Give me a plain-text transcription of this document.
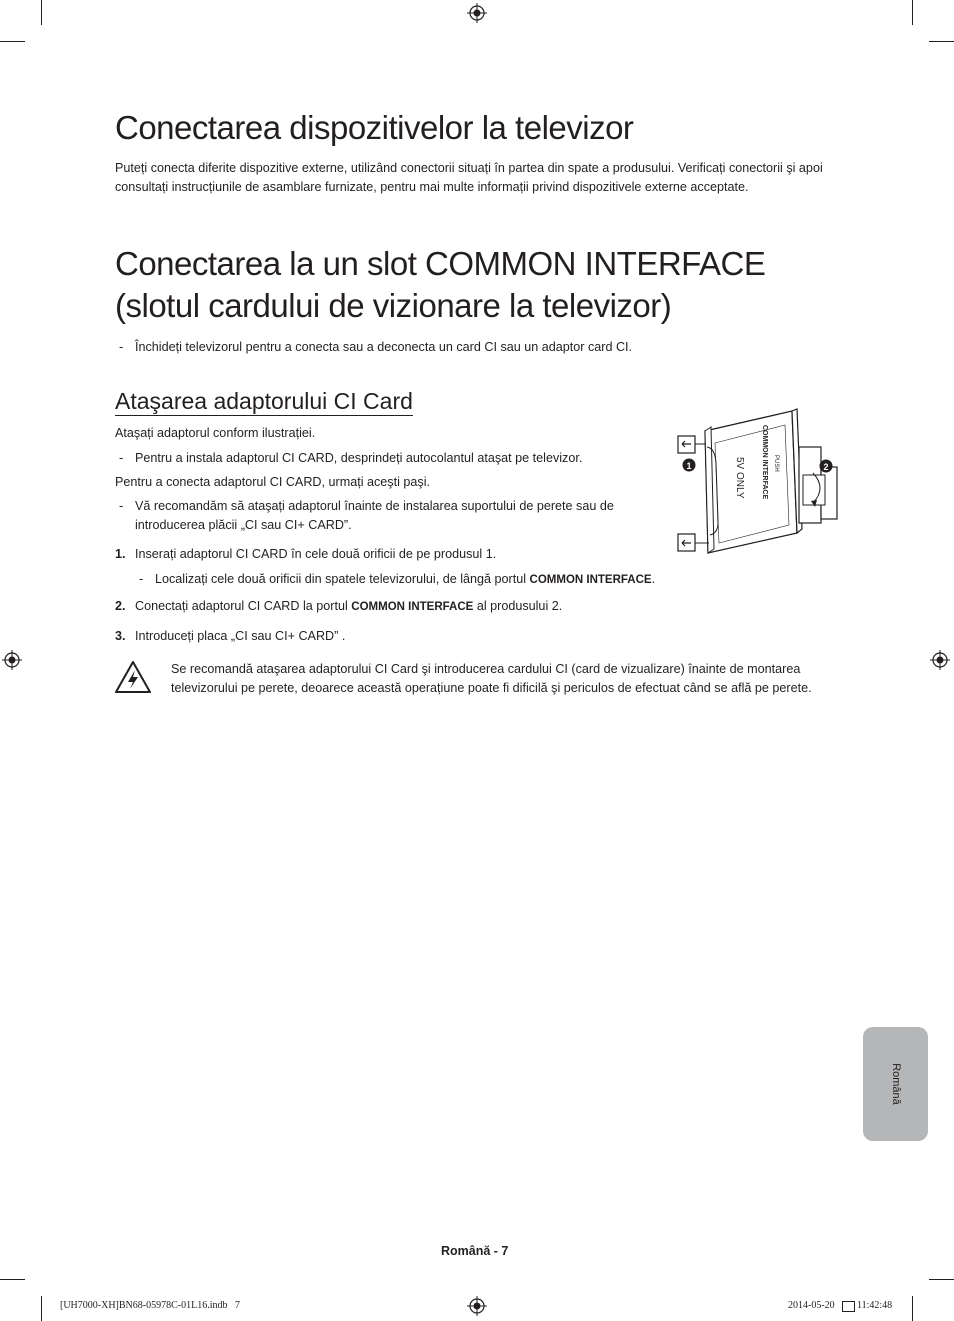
Conectarea dispozitivelor la televizor

Puteți conecta diferite dispozitive externe, utilizând conectorii situați în partea din spate a produsului. Verificați conectorii şi apoi

consultați instrucțiunile de asamblare furnizate, pentru mai multe informații privind dispozitivele externe acceptate.

Conectarea la un slot COMMON INTERFACE
(slotul cardului de vizionare la televizor)
- Închideți televizorul pentru a conecta sau a deconecta un card CI sau un adaptor card CI.

Ataşarea adaptorului CI Card

Ataşați adaptorul conform ilustrației.

- Pentru a instala adaptorul CI CARD, desprindeți autocolantul ataşat pe televizor.

Pentru a conecta adaptorul CI CARD, urmați aceşti paşi.

- Vă recomandăm să ataşați adaptorul înainte de instalarea suportului de perete sau de

introducerea plăcii „CI sau CI+ CARD”.

1. Inserați adaptorul CI CARD în cele două orificii de pe produsul 1.

- Localizați cele două orificii din spatele televizorului, de lângă portul COMMON INTERFACE.

2. Conectați adaptorul CI CARD la portul COMMON INTERFACE al produsului 2.

3. Introduceți placa „CI sau CI+ CARD” .

Se recomandă ataşarea adaptorului CI Card şi introducerea cardului CI (card de vizualizare) înainte de montarea

televizorului pe perete, deoarece această operațiune poate fi dificilă şi periculos de efectuat când se află pe perete.

1	2
COMMON INTERFACE PUSH
5V ONLY
Română
Română - 7
[UH7000-XH]BN68-05978C-01L16.indb   7	2014-05-20 11:42:48
